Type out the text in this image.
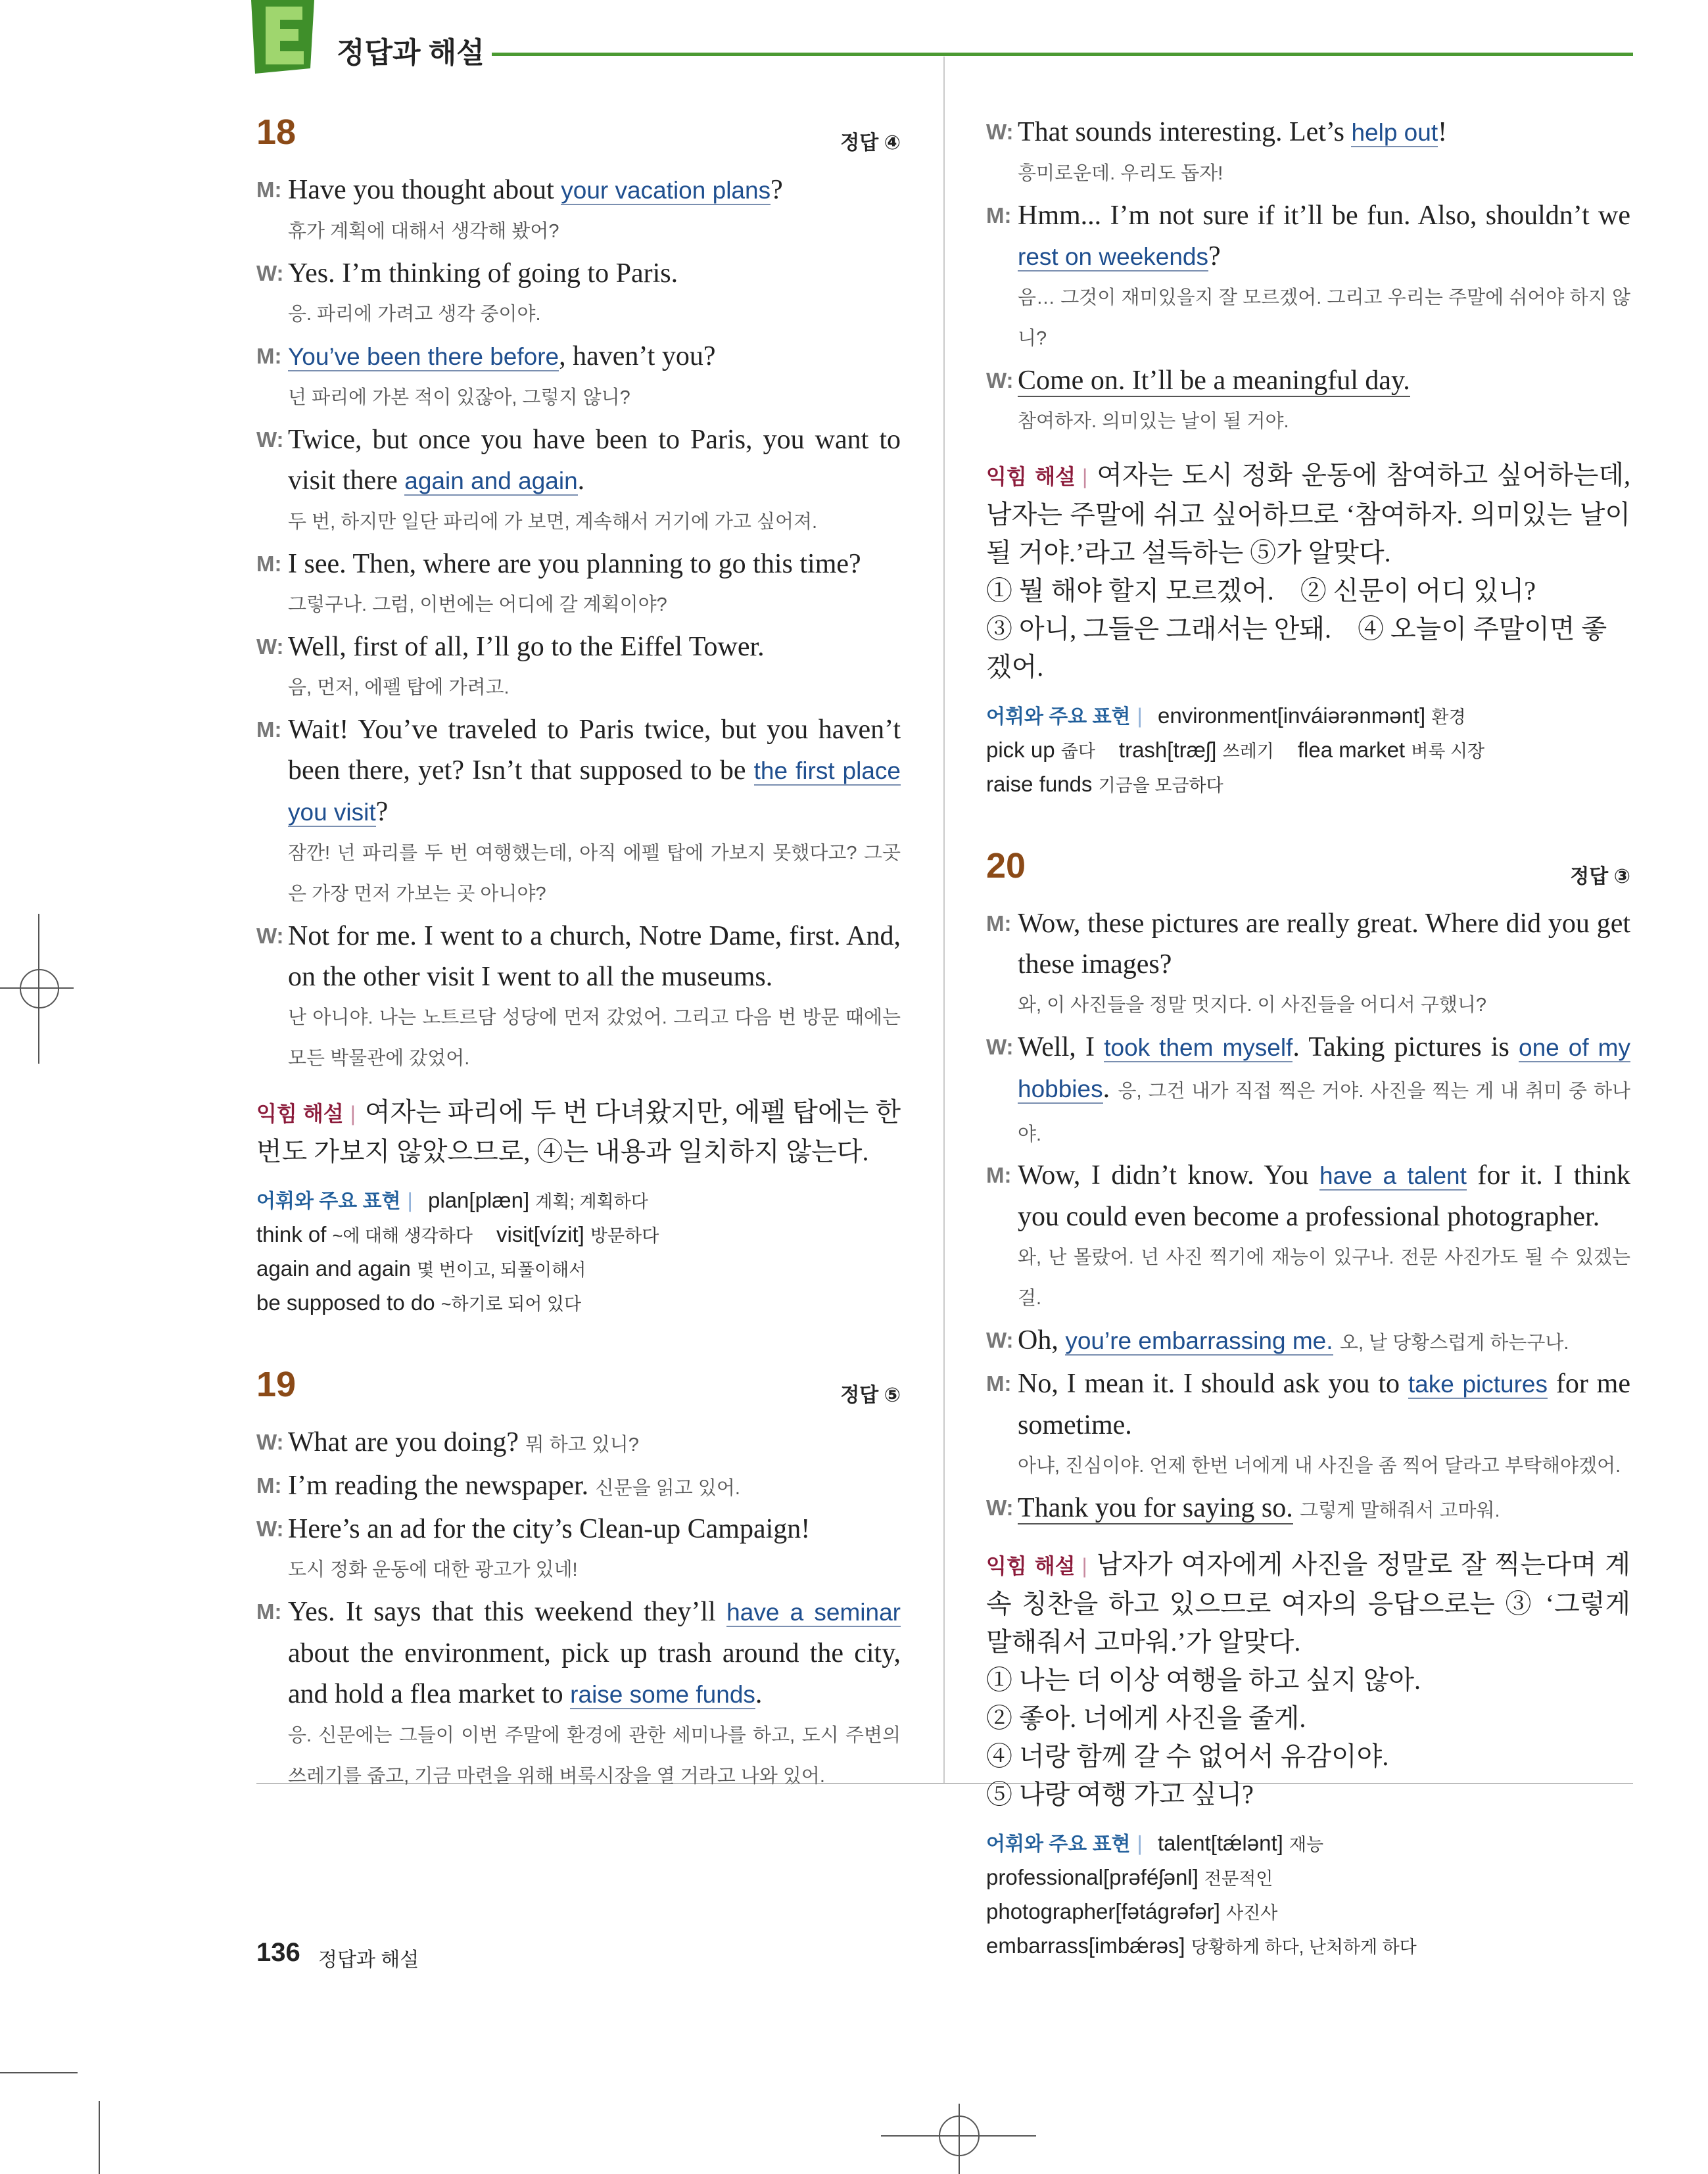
정답과 해설
18	정답 ④
M: Have you thought about your vacation plans?
휴가 계획에 대해서 생각해 봤어?
W: Yes. I’m thinking of going to Paris.
응. 파리에 가려고 생각 중이야.
M: You’ve been there before, haven’t you?
넌 파리에 가본 적이 있잖아, 그렇지 않니?
W: Twice, but once you have been to Paris, you want to visit there again and again.
두 번, 하지만 일단 파리에 가 보면, 계속해서 거기에 가고 싶어져.
M: I see. Then, where are you planning to go this time?
그렇구나. 그럼, 이번에는 어디에 갈 계획이야?
W: Well, first of all, I’ll go to the Eiffel Tower.
음, 먼저, 에펠 탑에 가려고.
M: Wait! You’ve traveled to Paris twice, but you haven’t been there, yet? Isn’t that supposed to be the first place you visit?
잠깐! 넌 파리를 두 번 여행했는데, 아직 에펠 탑에 가보지 못했다고? 그곳은 가장 먼저 가보는 곳 아니야?
W: Not for me. I went to a church, Notre Dame, first. And, on the other visit I went to all the museums.
난 아니야. 나는 노트르담 성당에 먼저 갔었어. 그리고 다음 번 방문 때에는 모든 박물관에 갔었어.
익힘 해설 | 여자는 파리에 두 번 다녀왔지만, 에펠 탑에는 한 번도 가보지 않았으므로, ④는 내용과 일치하지 않는다.
어휘와 주요 표현 | plan[plæn] 계획; 계획하다
think of ~에 대해 생각하다 visit[vízit] 방문하다
again and again 몇 번이고, 되풀이해서
be supposed to do ~하기로 되어 있다
19	정답 ⑤
W: What are you doing? 뭐 하고 있니?
M: I’m reading the newspaper. 신문을 읽고 있어.
W: Here’s an ad for the city’s Clean-up Campaign!
도시 정화 운동에 대한 광고가 있네!
M: Yes. It says that this weekend they’ll have a seminar about the environment, pick up trash around the city, and hold a flea market to raise some funds.
응. 신문에는 그들이 이번 주말에 환경에 관한 세미나를 하고, 도시 주변의 쓰레기를 줍고, 기금 마련을 위해 벼룩시장을 열 거라고 나와 있어.
W: That sounds interesting. Let’s help out!
흥미로운데. 우리도 돕자!
M: Hmm... I’m not sure if it’ll be fun. Also, shouldn’t we rest on weekends?
음… 그것이 재미있을지 잘 모르겠어. 그리고 우리는 주말에 쉬어야 하지 않니?
W: Come on. It’ll be a meaningful day.
참여하자. 의미있는 날이 될 거야.
익힘 해설 | 여자는 도시 정화 운동에 참여하고 싶어하는데, 남자는 주말에 쉬고 싶어하므로 ‘참여하자. 의미있는 날이 될 거야.’라고 설득하는 ⑤가 알맞다.
① 뭘 해야 할지 모르겠어.　② 신문이 어디 있니?
③ 아니, 그들은 그래서는 안돼.　④ 오늘이 주말이면 좋겠어.
어휘와 주요 표현 | environment[inváiərənmənt] 환경
pick up 줍다 trash[træʃ] 쓰레기 flea market 벼룩 시장
raise funds 기금을 모금하다
20	정답 ③
M: Wow, these pictures are really great. Where did you get these images?
와, 이 사진들을 정말 멋지다. 이 사진들을 어디서 구했니?
W: Well, I took them myself. Taking pictures is one of my hobbies. 응, 그건 내가 직접 찍은 거야. 사진을 찍는 게 내 취미 중 하나야.
M: Wow, I didn’t know. You have a talent for it. I think you could even become a professional photographer.
와, 난 몰랐어. 넌 사진 찍기에 재능이 있구나. 전문 사진가도 될 수 있겠는걸.
W: Oh, you’re embarrassing me. 오, 날 당황스럽게 하는구나.
M: No, I mean it. I should ask you to take pictures for me sometime.
아냐, 진심이야. 언제 한번 너에게 내 사진을 좀 찍어 달라고 부탁해야겠어.
W: Thank you for saying so. 그렇게 말해줘서 고마워.
익힘 해설 | 남자가 여자에게 사진을 정말로 잘 찍는다며 계속 칭찬을 하고 있으므로 여자의 응답으로는 ③ ‘그렇게 말해줘서 고마워.’가 알맞다.
① 나는 더 이상 여행을 하고 싶지 않아.
② 좋아. 너에게 사진을 줄게.
④ 너랑 함께 갈 수 없어서 유감이야.
⑤ 나랑 여행 가고 싶니?
어휘와 주요 표현 | talent[tǽlənt] 재능
professional[prəféʃənl] 전문적인
photographer[fətágrəfər] 사진사
embarrass[imbǽrəs] 당황하게 하다, 난처하게 하다
136 정답과 해설
